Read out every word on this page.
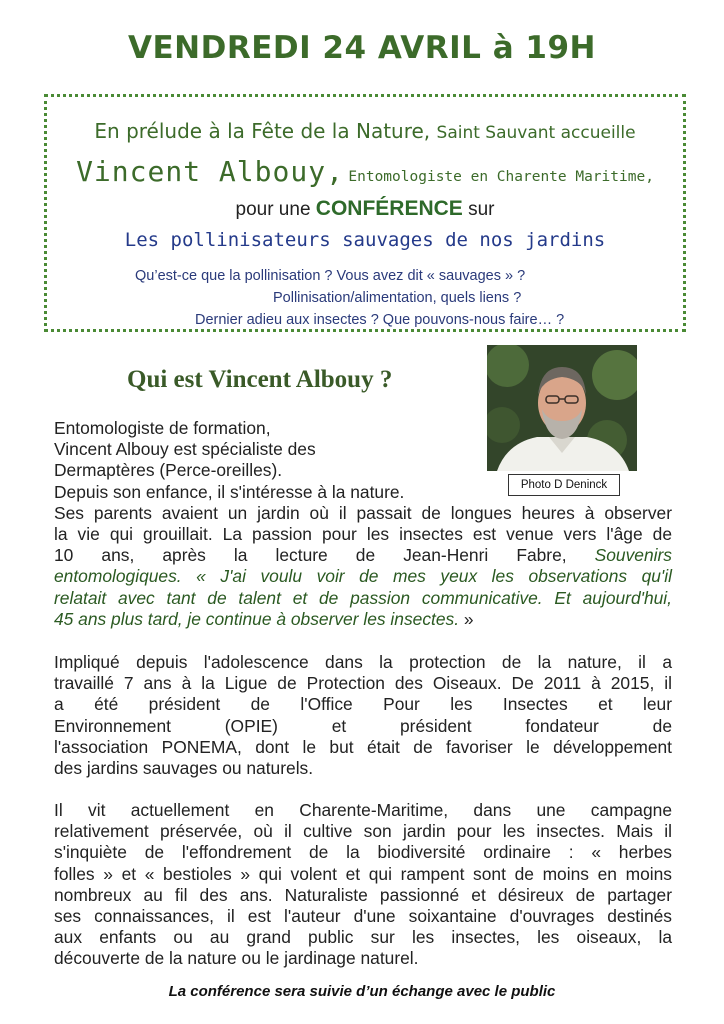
VENDREDI 24 AVRIL à 19H
En prélude à la Fête de la Nature, Saint Sauvant accueille
Vincent Albouy, Entomologiste en Charente Maritime,
pour une CONFÉRENCE sur
Les pollinisateurs sauvages de nos jardins
Qu’est-ce que la pollinisation ? Vous avez dit « sauvages » ?
Pollinisation/alimentation, quels liens ?
Dernier adieu aux insectes ? Que pouvons-nous faire… ?
Qui est Vincent Albouy ?
Photo D Deninck
Entomologiste de formation,
Vincent Albouy est spécialiste des
Dermaptères (Perce-oreilles).
Depuis son enfance, il s'intéresse à la nature.
Ses parents avaient un jardin où il passait de longues heures à observer
la vie qui grouillait. La passion pour les insectes est venue vers l'âge de
10 ans, après la lecture de Jean-Henri Fabre, Souvenirs
entomologiques. « J'ai voulu voir de mes yeux les observations qu'il
relatait avec tant de talent et de passion communicative. Et aujourd'hui,
45 ans plus tard, je continue à observer les insectes. »
Impliqué depuis l'adolescence dans la protection de la nature, il a
travaillé 7 ans à la Ligue de Protection des Oiseaux. De 2011 à 2015, il
a été président de l'Office Pour les Insectes et leur
Environnement (OPIE) et président fondateur de
l'association PONEMA, dont le but était de favoriser le développement
des jardins sauvages ou naturels.
Il vit actuellement en Charente-Maritime, dans une campagne
relativement préservée, où il cultive son jardin pour les insectes. Mais il
s'inquiète de l'effondrement de la biodiversité ordinaire : « herbes
folles » et « bestioles » qui volent et qui rampent sont de moins en moins
nombreux au fil des ans. Naturaliste passionné et désireux de partager
ses connaissances, il est l'auteur d'une soixantaine d'ouvrages destinés
aux enfants ou au grand public sur les insectes, les oiseaux, la
découverte de la nature ou le jardinage naturel.
La conférence sera suivie d’un échange avec le public
